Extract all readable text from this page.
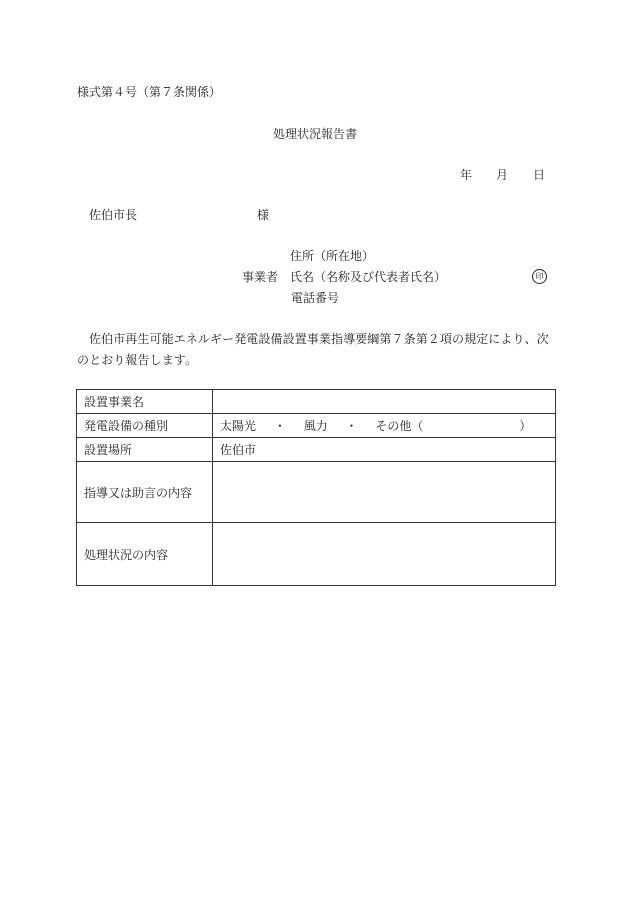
様式第４号（第７条関係）
処理状況報告書
年 月 日
佐伯市長	様
住所（所在地）
事業者 氏名（名称及び代表者氏名）	印
電話番号
佐伯市再生可能エネルギー発電設備設置事業指導要綱第７条第２項の規定により、次のとおり報告します。
設置事業名	
発電設備の種別	太陽光 ・ 風力 ・ その他（ ）
設置場所	佐伯市
指導又は助言の内容	
処理状況の内容	
